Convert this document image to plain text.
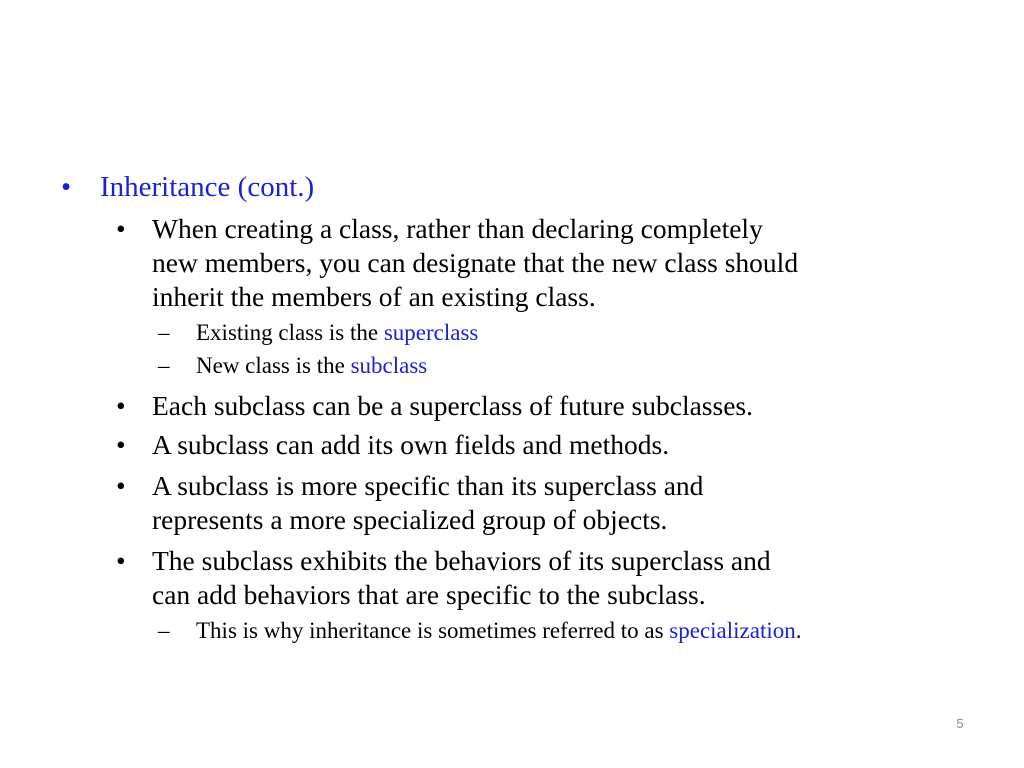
• Inheritance (cont.)
• When creating a class, rather than declaring completely
new members, you can designate that the new class should
inherit the members of an existing class.
– Existing class is the superclass
– New class is the subclass
• Each subclass can be a superclass of future subclasses.
• A subclass can add its own fields and methods.
• A subclass is more specific than its superclass and
represents a more specialized group of objects.
• The subclass exhibits the behaviors of its superclass and
can add behaviors that are specific to the subclass.
– This is why inheritance is sometimes referred to as specialization.
5
